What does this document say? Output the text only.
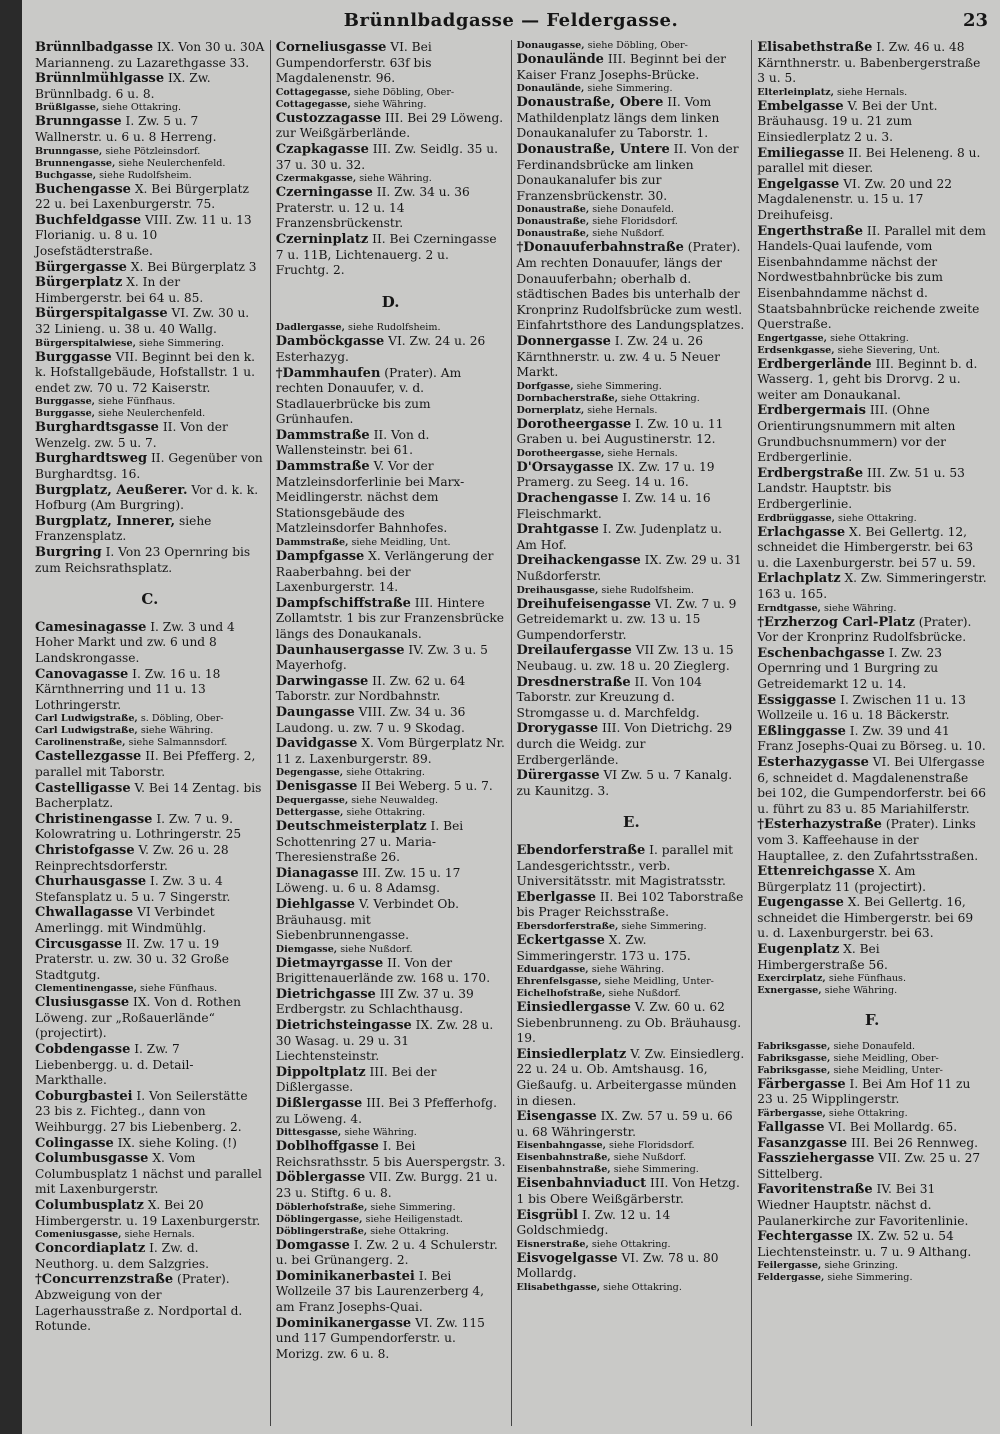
Brünnlbadgasse — Feldergasse.	23
Brünnlbadgasse IX. Von 30 u. 30A Marianneng. zu Lazarethgasse 33.
Brünnlmühlgasse IX. Zw. Brünnlbadg. 6 u. 8.
Brüßlgasse, siehe Ottakring.
Brunngasse I. Zw. 5 u. 7 Wallnerstr. u. 6 u. 8 Herreng.
Brunngasse, siehe Pötzleinsdorf.
Brunnengasse, siehe Neulerchenfeld.
Buchgasse, siehe Rudolfsheim.
Buchengasse X. Bei Bürgerplatz 22 u. bei Laxenburgerstr. 75.
Buchfeldgasse VIII. Zw. 11 u. 13 Florianig. u. 8 u. 10 Josefstädterstraße.
Bürgergasse X. Bei Bürgerplatz 3
Bürgerplatz X. In der Himbergerstr. bei 64 u. 85.
Bürgerspitalgasse VI. Zw. 30 u. 32 Linieng. u. 38 u. 40 Wallg.
Bürgerspitalwiese, siehe Simmering.
Burggasse VII. Beginnt bei den k. k. Hofstallgebäude, Hofstallstr. 1 u. endet zw. 70 u. 72 Kaiserstr.
Burggasse, siehe Fünfhaus.
Burggasse, siehe Neulerchenfeld.
Burghardtsgasse II. Von der Wenzelg. zw. 5 u. 7.
Burghardtsweg II. Gegenüber von Burghardtsg. 16.
Burgplatz, Aeußerer. Vor d. k. k. Hofburg (Am Burgring).
Burgplatz, Innerer, siehe Franzensplatz.
Burgring I. Von 23 Opernring bis zum Reichsrathsplatz.
C.
Camesinagasse I. Zw. 3 und 4 Hoher Markt und zw. 6 und 8 Landskrongasse.
Canovagasse I. Zw. 16 u. 18 Kärnthnerring und 11 u. 13 Lothringerstr.
Carl Ludwigstraße, s. Döbling, Ober-
Carl Ludwigstraße, siehe Währing.
Carolinenstraße, siehe Salmannsdorf.
Castellezgasse II. Bei Pfefferg. 2, parallel mit Taborstr.
Castelligasse V. Bei 14 Zentag. bis Bacherplatz.
Christinengasse I. Zw. 7 u. 9. Kolowratring u. Lothringerstr. 25
Christofgasse V. Zw. 26 u. 28 Reinprechtsdorferstr.
Churhausgasse I. Zw. 3 u. 4 Stefansplatz u. 5 u. 7 Singerstr.
Chwallagasse VI Verbindet Amerlingg. mit Windmühlg.
Circusgasse II. Zw. 17 u. 19 Praterstr. u. zw. 30 u. 32 Große Stadtgutg.
Clementinengasse, siehe Fünfhaus.
Clusiusgasse IX. Von d. Rothen Löweng. zur „Roßauerlände“ (projectirt).
Cobdengasse I. Zw. 7 Liebenbergg. u. d. Detail-Markthalle.
Coburgbastei I. Von Seilerstätte 23 bis z. Fichteg., dann von Weihburgg. 27 bis Liebenberg. 2.
Colingasse IX. siehe Koling. (!)
Columbusgasse X. Vom Columbusplatz 1 nächst und parallel mit Laxenburgerstr.
Columbusplatz X. Bei 20 Himbergerstr. u. 19 Laxenburgerstr.
Comeniusgasse, siehe Hernals.
Concordiaplatz I. Zw. d. Neuthorg. u. dem Salzgries.
†Concurrenzstraße (Prater). Abzweigung von der Lagerhausstraße z. Nordportal d. Rotunde.
Corneliusgasse VI. Bei Gumpendorferstr. 63f bis Magdalenenstr. 96.
Cottagegasse, siehe Döbling, Ober-
Cottagegasse, siehe Währing.
Custozzagasse III. Bei 29 Löweng. zur Weißgärberlände.
Czapkagasse III. Zw. Seidlg. 35 u. 37 u. 30 u. 32.
Czermakgasse, siehe Währing.
Czerningasse II. Zw. 34 u. 36 Praterstr. u. 12 u. 14 Franzensbrückenstr.
Czerninplatz II. Bei Czerningasse 7 u. 11B, Lichtenauerg. 2 u. Fruchtg. 2.
D.
Dadlergasse, siehe Rudolfsheim.
Damböckgasse VI. Zw. 24 u. 26 Esterhazyg.
†Dammhaufen (Prater). Am rechten Donauufer, v. d. Stadlauerbrücke bis zum Grünhaufen.
Dammstraße II. Von d. Wallensteinstr. bei 61.
Dammstraße V. Vor der Matzleinsdorferlinie bei Marx-Meidlingerstr. nächst dem Stationsgebäude des Matzleinsdorfer Bahnhofes.
Dammstraße, siehe Meidling, Unt.
Dampfgasse X. Verlängerung der Raaberbahng. bei der Laxenburgerstr. 14.
Dampfschiffstraße III. Hintere Zollamtstr. 1 bis zur Franzensbrücke längs des Donaukanals.
Daunhausergasse IV. Zw. 3 u. 5 Mayerhofg.
Darwingasse II. Zw. 62 u. 64 Taborstr. zur Nordbahnstr.
Daungasse VIII. Zw. 34 u. 36 Laudong. u. zw. 7 u. 9 Skodag.
Davidgasse X. Vom Bürgerplatz Nr. 11 z. Laxenburgerstr. 89.
Degengasse, siehe Ottakring.
Denisgasse II Bei Weberg. 5 u. 7.
Dequergasse, siehe Neuwaldeg.
Dettergasse, siehe Ottakring.
Deutschmeisterplatz I. Bei Schottenring 27 u. Maria-Theresienstraße 26.
Dianagasse III. Zw. 15 u. 17 Löweng. u. 6 u. 8 Adamsg.
Diehlgasse V. Verbindet Ob. Bräuhausg. mit Siebenbrunnengasse.
Diemgasse, siehe Nußdorf.
Dietmayrgasse II. Von der Brigittenauerlände zw. 168 u. 170.
Dietrichgasse III Zw. 37 u. 39 Erdbergstr. zu Schlachthausg.
Dietrichsteingasse IX. Zw. 28 u. 30 Wasag. u. 29 u. 31 Liechtensteinstr.
Dippoltplatz III. Bei der Dißlergasse.
Dißlergasse III. Bei 3 Pfefferhofg. zu Löweng. 4.
Dittesgasse, siehe Währing.
Doblhoffgasse I. Bei Reichsrathsstr. 5 bis Auerspergstr. 3.
Döblergasse VII. Zw. Burgg. 21 u. 23 u. Stiftg. 6 u. 8.
Döblerhofstraße, siehe Simmering.
Döblingergasse, siehe Heiligenstadt.
Döblingerstraße, siehe Ottakring.
Domgasse I. Zw. 2 u. 4 Schulerstr. u. bei Grünangerg. 2.
Dominikanerbastei I. Bei Wollzeile 37 bis Laurenzerberg 4, am Franz Josephs-Quai.
Dominikanergasse VI. Zw. 115 und 117 Gumpendorferstr. u. Morizg. zw. 6 u. 8.
Donaugasse, siehe Döbling, Ober-
Donaulände III. Beginnt bei der Kaiser Franz Josephs-Brücke.
Donaulände, siehe Simmering.
Donaustraße, Obere II. Vom Mathildenplatz längs dem linken Donaukanalufer zu Taborstr. 1.
Donaustraße, Untere II. Von der Ferdinandsbrücke am linken Donaukanalufer bis zur Franzensbrückenstr. 30.
Donaustraße, siehe Donaufeld.
Donaustraße, siehe Floridsdorf.
Donaustraße, siehe Nußdorf.
†Donauuferbahnstraße (Prater). Am rechten Donauufer, längs der Donauuferbahn; oberhalb d. städtischen Bades bis unterhalb der Kronprinz Rudolfsbrücke zum westl. Einfahrtsthore des Landungsplatzes.
Donnergasse I. Zw. 24 u. 26 Kärnthnerstr. u. zw. 4 u. 5 Neuer Markt.
Dorfgasse, siehe Simmering.
Dornbacherstraße, siehe Ottakring.
Dornerplatz, siehe Hernals.
Dorotheergasse I. Zw. 10 u. 11 Graben u. bei Augustinerstr. 12.
Dorotheergasse, siehe Hernals.
D'Orsaygasse IX. Zw. 17 u. 19 Pramerg. zu Seeg. 14 u. 16.
Drachengasse I. Zw. 14 u. 16 Fleischmarkt.
Drahtgasse I. Zw. Judenplatz u. Am Hof.
Dreihackengasse IX. Zw. 29 u. 31 Nußdorferstr.
Dreihausgasse, siehe Rudolfsheim.
Dreihufeisengasse VI. Zw. 7 u. 9 Getreidemarkt u. zw. 13 u. 15 Gumpendorferstr.
Dreilaufergasse VII Zw. 13 u. 15 Neubaug. u. zw. 18 u. 20 Zieglerg.
Dresdnerstraße II. Von 104 Taborstr. zur Kreuzung d. Stromgasse u. d. Marchfeldg.
Drorygasse III. Von Dietrichg. 29 durch die Weidg. zur Erdbergerlände.
Dürergasse VI Zw. 5 u. 7 Kanalg. zu Kaunitzg. 3.
E.
Ebendorferstraße I. parallel mit Landesgerichtsstr., verb. Universitätsstr. mit Magistratsstr.
Eberlgasse II. Bei 102 Taborstraße bis Prager Reichsstraße.
Ebersdorferstraße, siehe Simmering.
Eckertgasse X. Zw. Simmeringerstr. 173 u. 175.
Eduardgasse, siehe Währing.
Ehrenfelsgasse, siehe Meidling, Unter-
Eichelhofstraße, siehe Nußdorf.
Einsiedlergasse V. Zw. 60 u. 62 Siebenbrunneng. zu Ob. Bräuhausg. 19.
Einsiedlerplatz V. Zw. Einsiedlerg. 22 u. 24 u. Ob. Amtshausg. 16, Gießaufg. u. Arbeitergasse münden in diesen.
Eisengasse IX. Zw. 57 u. 59 u. 66 u. 68 Währingerstr.
Eisenbahngasse, siehe Floridsdorf.
Eisenbahnstraße, siehe Nußdorf.
Eisenbahnstraße, siehe Simmering.
Eisenbahnviaduct III. Von Hetzg. 1 bis Obere Weißgärberstr.
Eisgrübl I. Zw. 12 u. 14 Goldschmiedg.
Eisnerstraße, siehe Ottakring.
Eisvogelgasse VI. Zw. 78 u. 80 Mollardg.
Elisabethgasse, siehe Ottakring.
Elisabethstraße I. Zw. 46 u. 48 Kärnthnerstr. u. Babenbergerstraße 3 u. 5.
Elterleinplatz, siehe Hernals.
Embelgasse V. Bei der Unt. Bräuhausg. 19 u. 21 zum Einsiedlerplatz 2 u. 3.
Emiliegasse II. Bei Heleneng. 8 u. parallel mit dieser.
Engelgasse VI. Zw. 20 und 22 Magdalenenstr. u. 15 u. 17 Dreihufeisg.
Engerthstraße II. Parallel mit dem Handels-Quai laufende, vom Eisenbahndamme nächst der Nordwestbahnbrücke bis zum Eisenbahndamme nächst d. Staatsbahnbrücke reichende zweite Querstraße.
Engertgasse, siehe Ottakring.
Erdsenkgasse, siehe Sievering, Unt.
Erdbergerlände III. Beginnt b. d. Wasserg. 1, geht bis Drorvg. 2 u. weiter am Donaukanal.
Erdbergermais III. (Ohne Orientirungsnummern mit alten Grundbuchsnummern) vor der Erdbergerlinie.
Erdbergstraße III. Zw. 51 u. 53 Landstr. Hauptstr. bis Erdbergerlinie.
Erdbrüggasse, siehe Ottakring.
Erlachgasse X. Bei Gellertg. 12, schneidet die Himbergerstr. bei 63 u. die Laxenburgerstr. bei 57 u. 59.
Erlachplatz X. Zw. Simmeringerstr. 163 u. 165.
Erndtgasse, siehe Währing.
†Erzherzog Carl-Platz (Prater). Vor der Kronprinz Rudolfsbrücke.
Eschenbachgasse I. Zw. 23 Opernring und 1 Burgring zu Getreidemarkt 12 u. 14.
Essiggasse I. Zwischen 11 u. 13 Wollzeile u. 16 u. 18 Bäckerstr.
Eßlinggasse I. Zw. 39 und 41 Franz Josephs-Quai zu Börseg. u. 10.
Esterhazygasse VI. Bei Ulfergasse 6, schneidet d. Magdalenenstraße bei 102, die Gumpendorferstr. bei 66 u. führt zu 83 u. 85 Mariahilferstr.
†Esterhazystraße (Prater). Links vom 3. Kaffeehause in der Hauptallee, z. den Zufahrtsstraßen.
Ettenreichgasse X. Am Bürgerplatz 11 (projectirt).
Eugengasse X. Bei Gellertg. 16, schneidet die Himbergerstr. bei 69 u. d. Laxenburgerstr. bei 63.
Eugenplatz X. Bei Himbergerstraße 56.
Exercirplatz, siehe Fünfhaus.
Exnergasse, siehe Währing.
F.
Fabriksgasse, siehe Donaufeld.
Fabriksgasse, siehe Meidling, Ober-
Fabriksgasse, siehe Meidling, Unter-
Färbergasse I. Bei Am Hof 11 zu 23 u. 25 Wipplingerstr.
Färbergasse, siehe Ottakring.
Fallgasse VI. Bei Mollardg. 65.
Fasanzgasse III. Bei 26 Rennweg.
Fassziehergasse VII. Zw. 25 u. 27 Sittelberg.
Favoritenstraße IV. Bei 31 Wiedner Hauptstr. nächst d. Paulanerkirche zur Favoritenlinie.
Fechtergasse IX. Zw. 52 u. 54 Liechtensteinstr. u. 7 u. 9 Althang.
Feilergasse, siehe Grinzing.
Feldergasse, siehe Simmering.
